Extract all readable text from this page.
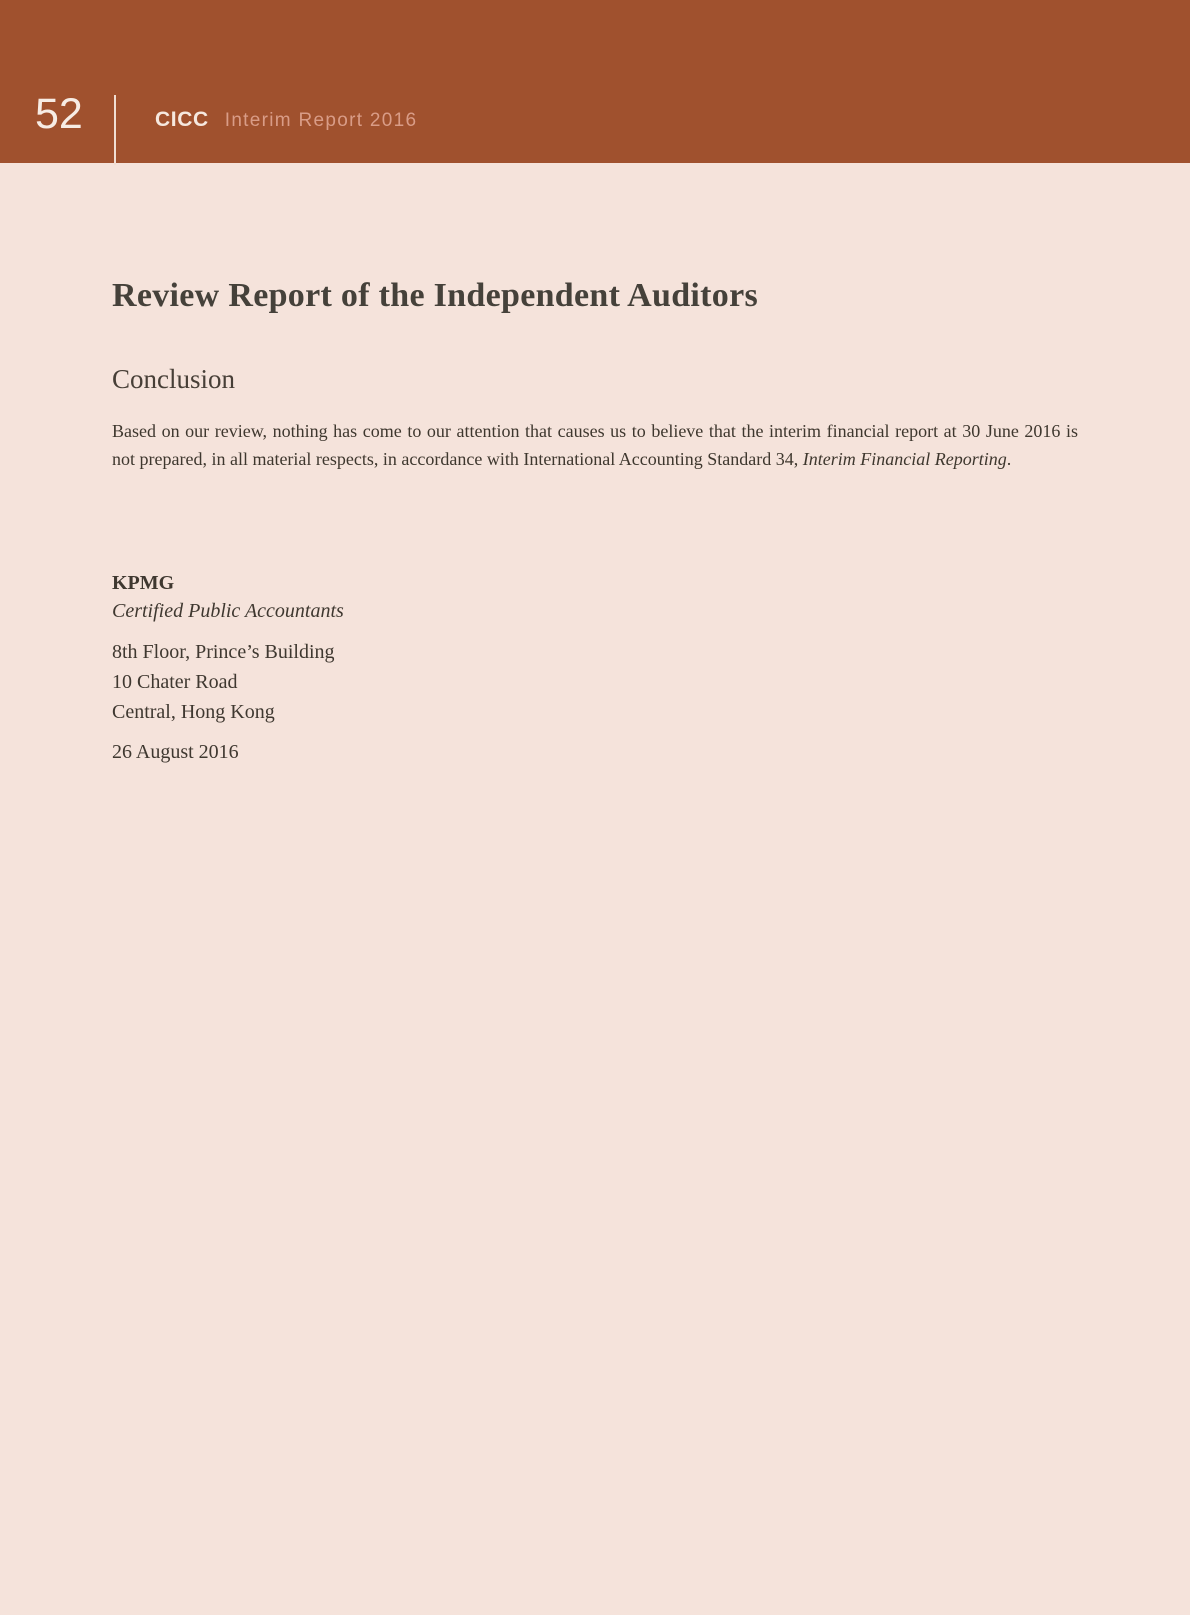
52	CICC Interim Report 2016
Review Report of the Independent Auditors
Conclusion

Based on our review, nothing has come to our attention that causes us to believe that the interim financial report at 30 June 2016 is not prepared, in all material respects, in accordance with International Accounting Standard 34, Interim Financial Reporting.

KPMG
Certified Public Accountants
8th Floor, Prince’s Building
10 Chater Road
Central, Hong Kong
26 August 2016
